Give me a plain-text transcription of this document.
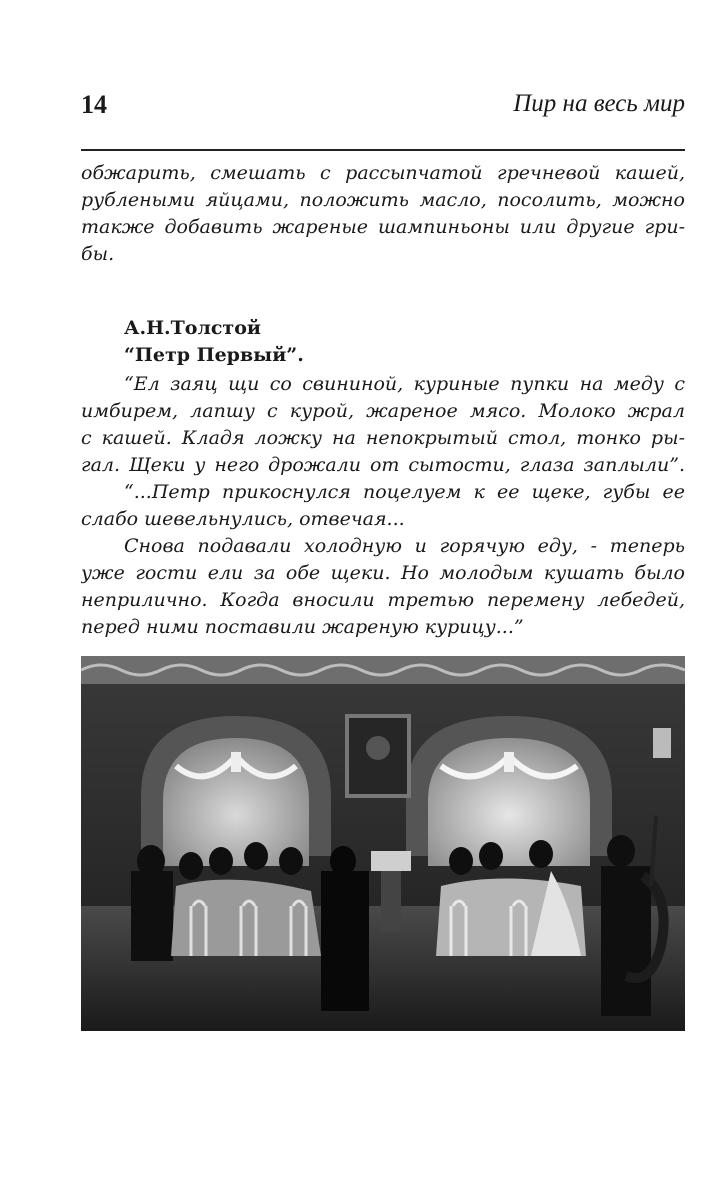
14	Пир на весь мир
обжарить, смешать с рассыпчатой гречневой кашей,
рублеными яйцами, положить масло, посолить, можно
также добавить жареные шампиньоны или другие гри-
бы.
А.Н.Толстой
“Петр Первый”.
“Ел заяц щи со свининой, куриные пупки на меду с
имбирем, лапшу с курой, жареное мясо. Молоко жрал
с кашей. Кладя ложку на непокрытый стол, тонко ры-
гал. Щеки у него дрожали от сытости, глаза заплыли”.
“...Петр прикоснулся поцелуем к ее щеке, губы ее
слабо шевельнулись, отвечая...
Снова подавали холодную и горячую еду, - теперь
уже гости ели за обе щеки. Но молодым кушать было
неприлично. Когда вносили третью перемену лебедей,
перед ними поставили жареную курицу...”
